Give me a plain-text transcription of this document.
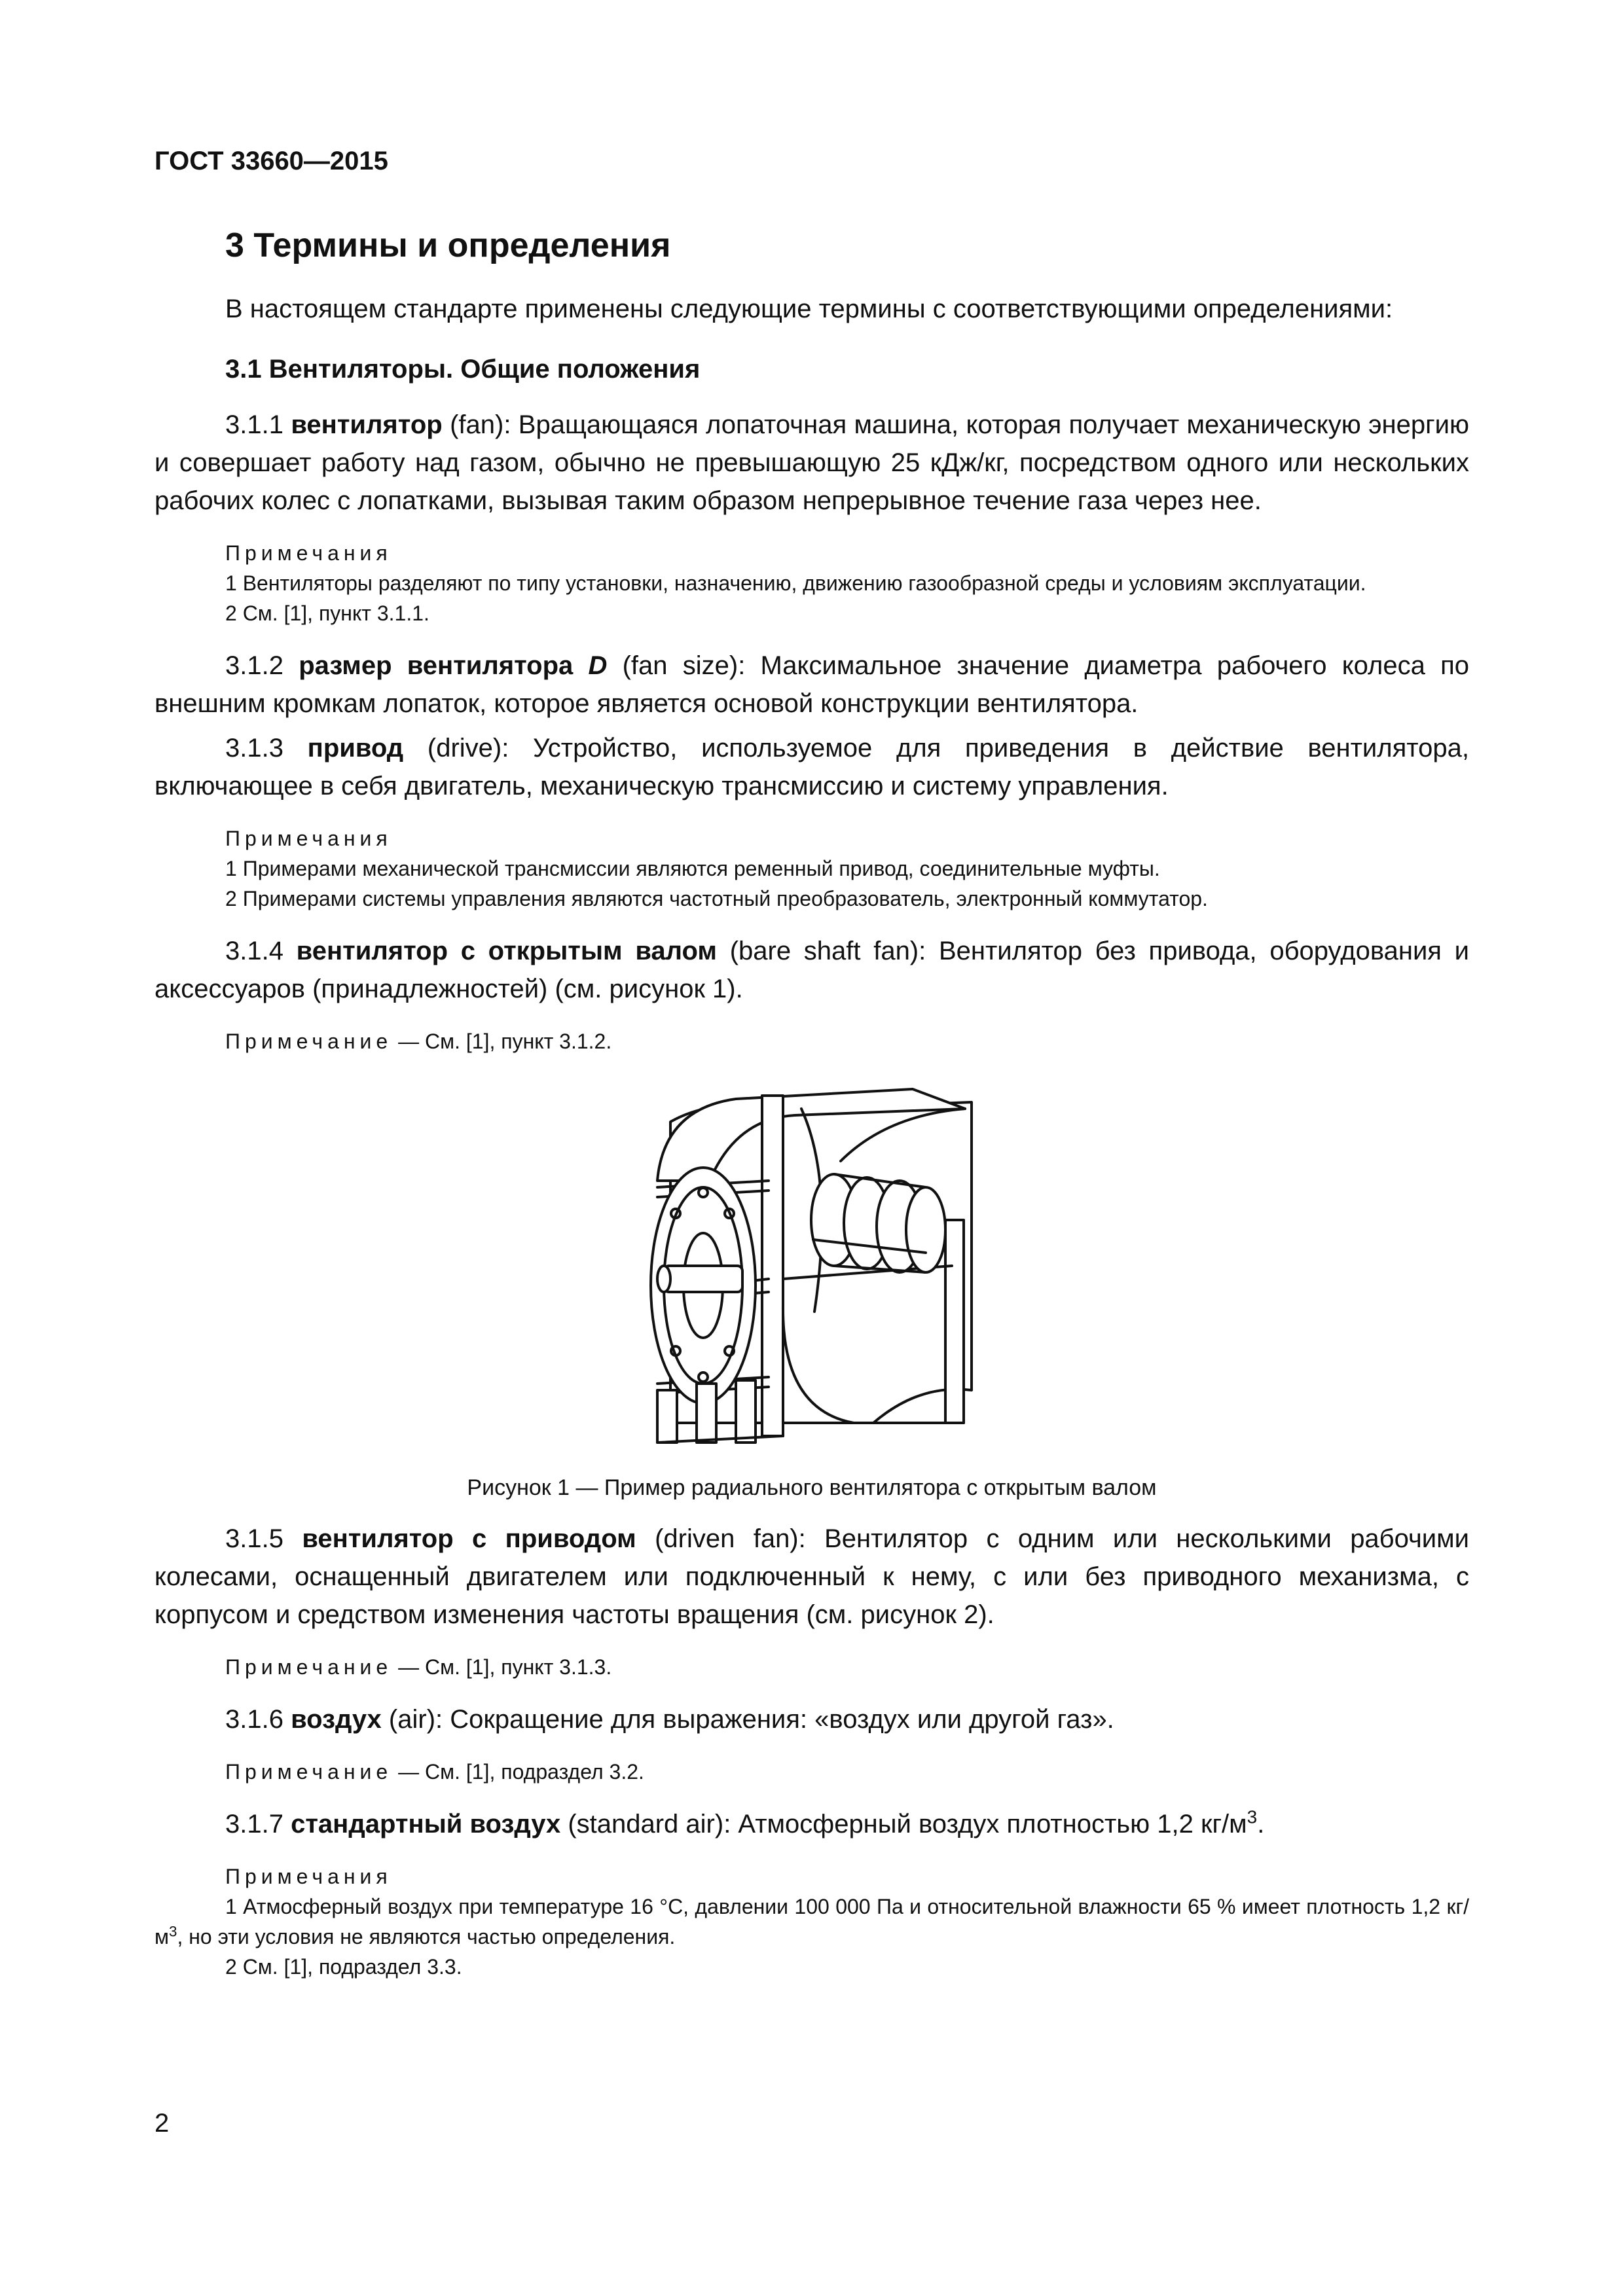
ГОСТ 33660—2015
3 Термины и определения

В настоящем стандарте применены следующие термины с соответствующими определениями:

3.1 Вентиляторы. Общие положения

3.1.1 вентилятор (fan): Вращающаяся лопаточная машина, которая получает механическую энергию и совершает работу над газом, обычно не превышающую 25 кДж/кг, посредством одного или нескольких рабочих колес с лопатками, вызывая таким образом непрерывное течение газа через нее.

Примечания
1 Вентиляторы разделяют по типу установки, назначению, движению газообразной среды и условиям эксплуатации.
2 См. [1], пункт 3.1.1.

3.1.2 размер вентилятора D (fan size): Максимальное значение диаметра рабочего колеса по внешним кромкам лопаток, которое является основой конструкции вентилятора.

3.1.3 привод (drive): Устройство, используемое для приведения в действие вентилятора, включающее в себя двигатель, механическую трансмиссию и систему управления.

Примечания
1 Примерами механической трансмиссии являются ременный привод, соединительные муфты.
2 Примерами системы управления являются частотный преобразователь, электронный коммутатор.

3.1.4 вентилятор с открытым валом (bare shaft fan): Вентилятор без привода, оборудования и аксессуаров (принадлежностей) (см. рисунок 1).

Примечание — См. [1], пункт 3.1.2.
Рисунок 1 — Пример радиального вентилятора с открытым валом

3.1.5 вентилятор с приводом (driven fan): Вентилятор с одним или несколькими рабочими колесами, оснащенный двигателем или подключенный к нему, с или без приводного механизма, с корпусом и средством изменения частоты вращения (см. рисунок 2).

Примечание — См. [1], пункт 3.1.3.

3.1.6 воздух (air): Сокращение для выражения: «воздух или другой газ».

Примечание — См. [1], подраздел 3.2.

3.1.7 стандартный воздух (standard air): Атмосферный воздух плотностью 1,2 $кг/м^3$.

Примечания
1 Атмосферный воздух при температуре 16 °С, давлении 100 000 Па и относительной влажности 65 % имеет плотность 1,2 $кг/м^3$, но эти условия не являются частью определения.
2 См. [1], подраздел 3.3.
2
